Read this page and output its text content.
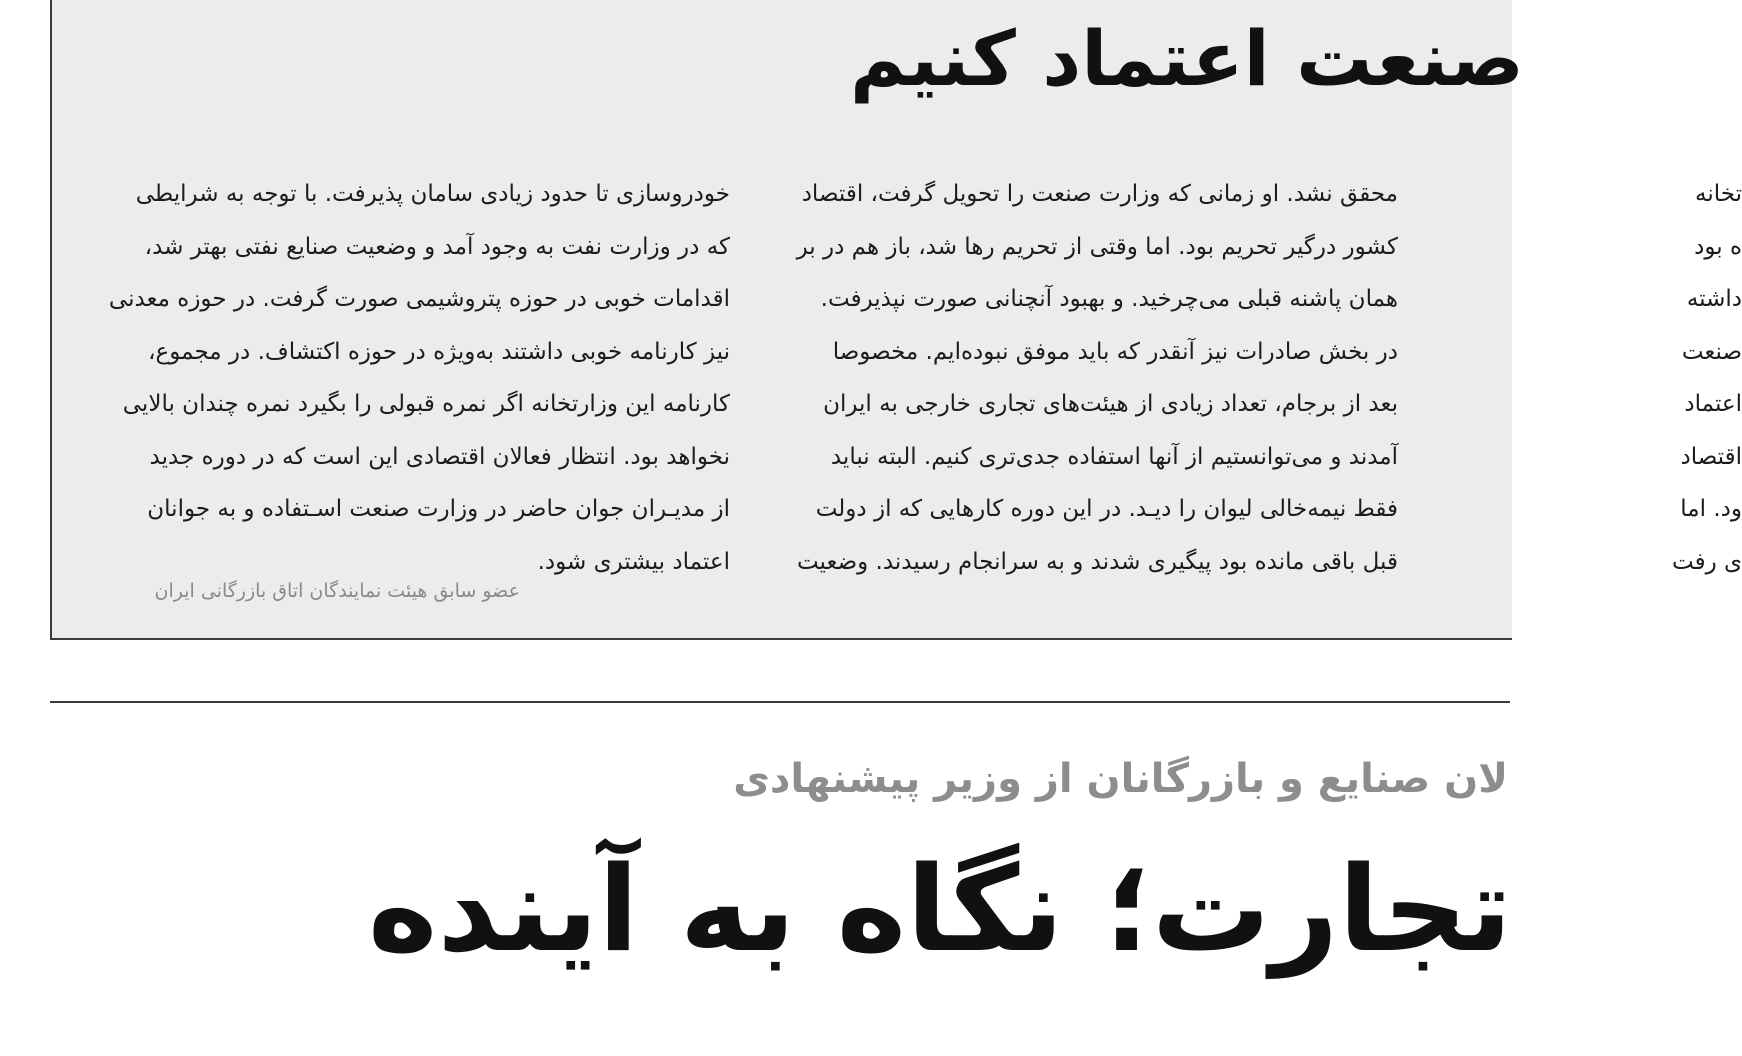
صنعت اعتماد کنیم

خودروسازی تا حدود زیادی سامان پذیرفت. با توجه به شرایطی

که در وزارت نفت به وجود آمد و وضعیت صنایع نفتی بهتر شد،

اقدامات خوبی در حوزه پتروشیمی صورت گرفت. در حوزه معدنی

نیز کارنامه خوبی داشتند به‌ویژه در حوزه اکتشاف. در مجموع،

کارنامه این وزارتخانه اگر نمره قبولی را بگیرد نمره چندان بالایی

نخواهد بود. انتظار فعالان اقتصادی این است که در دوره جدید

از مدیـران جوان حاضر در وزارت صنعت اسـتفاده و به جوانان

اعتماد بیشتری شود.

محقق نشد. او زمانی که وزارت صنعت را تحویل گرفت، اقتصاد

کشور درگیر تحریم بود. اما وقتی از تحریم رها شد، باز هم در بر

همان پاشنه قبلی می‌چرخید. و بهبود آنچنانی صورت نپذیرفت.

در بخش صادرات نیز آنقدر که باید موفق نبوده‌ایم. مخصوصا

بعد از برجام، تعداد زیادی از هیئت‌های تجاری خارجی به ایران

آمدند و می‌توانستیم از آنها استفاده جدی‌تری کنیم. البته نباید

فقط نیمه‌خالی لیوان را دیـد. در این دوره کارهایی که از دولت

قبل باقی مانده بود پیگیری شدند و به سرانجام رسیدند. وضعیت

تخانه

ه بود

داشته

صنعت

اعتماد

اقتصاد

ود. اما

ی رفت

عضو سابق هیئت نمایندگان اتاق بازرگانی ایران
لان صنایع و بازرگانان از وزیر پیشنهادی
تجارت؛ نگاه به آینده
